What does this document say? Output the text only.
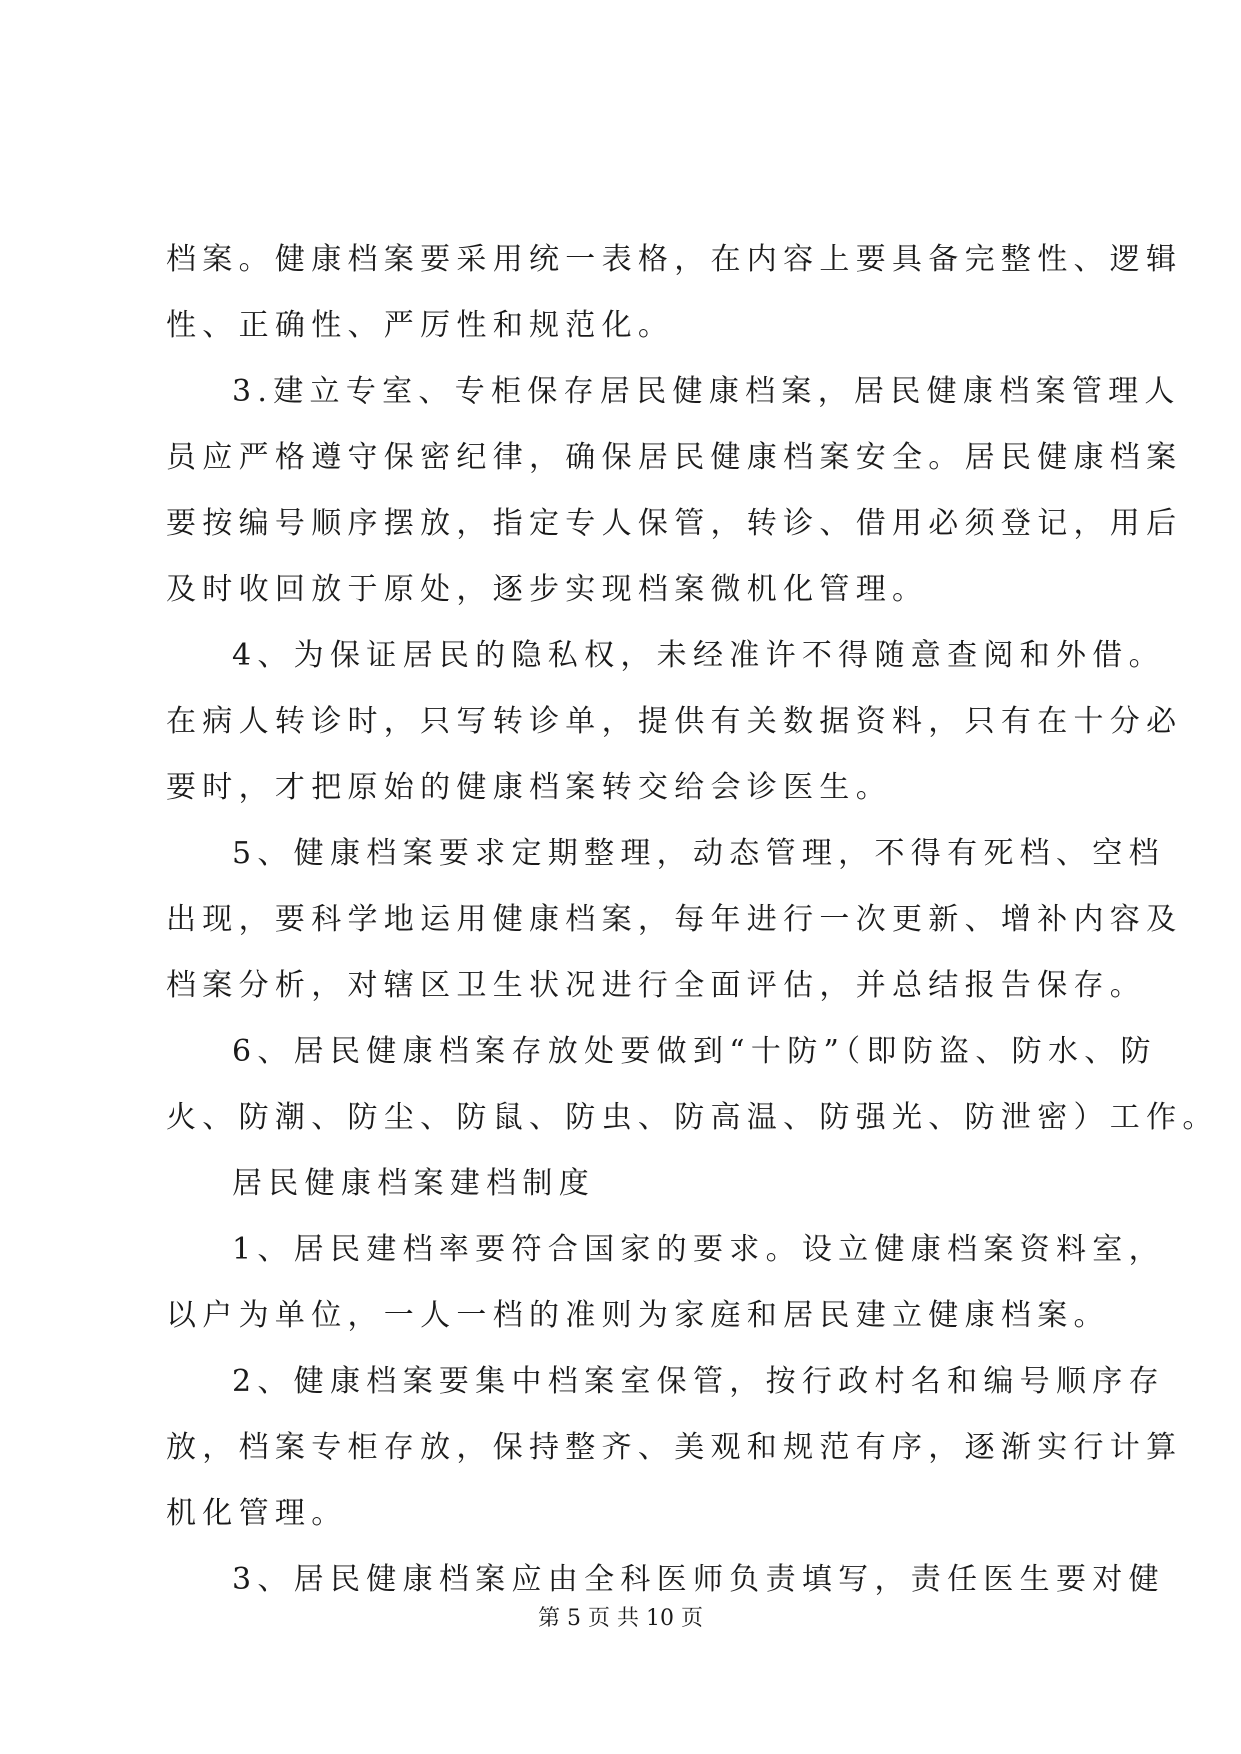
档案。健康档案要采用统一表格，在内容上要具备完整性、逻辑
性、正确性、严厉性和规范化。
3.建立专室、专柜保存居民健康档案，居民健康档案管理人
员应严格遵守保密纪律，确保居民健康档案安全。居民健康档案
要按编号顺序摆放，指定专人保管，转诊、借用必须登记，用后
及时收回放于原处，逐步实现档案微机化管理。
4、为保证居民的隐私权，未经准许不得随意查阅和外借。
在病人转诊时，只写转诊单，提供有关数据资料，只有在十分必
要时，才把原始的健康档案转交给会诊医生。
5、健康档案要求定期整理，动态管理，不得有死档、空档
出现，要科学地运用健康档案，每年进行一次更新、增补内容及
档案分析，对辖区卫生状况进行全面评估，并总结报告保存。
6、居民健康档案存放处要做到“十防”（即防盗、防水、防
火、防潮、防尘、防鼠、防虫、防高温、防强光、防泄密）工作。
居民健康档案建档制度
1、居民建档率要符合国家的要求。设立健康档案资料室，
以户为单位，一人一档的准则为家庭和居民建立健康档案。
2、健康档案要集中档案室保管，按行政村名和编号顺序存
放，档案专柜存放，保持整齐、美观和规范有序，逐渐实行计算
机化管理。
3、居民健康档案应由全科医师负责填写，责任医生要对健
第 5 页 共 10 页
